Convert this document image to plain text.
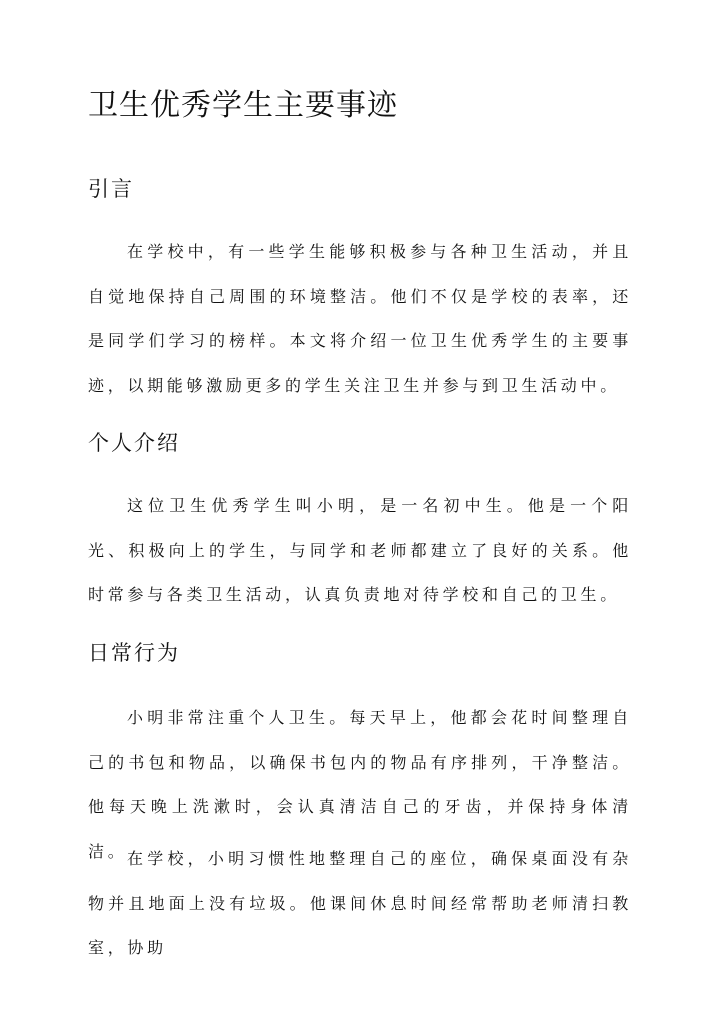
卫生优秀学生主要事迹
引言

在学校中，有一些学生能够积极参与各种卫生活动，并且自觉地保持自己周围的环境整洁。他们不仅是学校的表率，还是同学们学习的榜样。本文将介绍一位卫生优秀学生的主要事迹，以期能够激励更多的学生关注卫生并参与到卫生活动中。

个人介绍

这位卫生优秀学生叫小明，是一名初中生。他是一个阳光、积极向上的学生，与同学和老师都建立了良好的关系。他时常参与各类卫生活动，认真负责地对待学校和自己的卫生。

日常行为

小明非常注重个人卫生。每天早上，他都会花时间整理自己的书包和物品，以确保书包内的物品有序排列，干净整洁。他每天晚上洗漱时，会认真清洁自己的牙齿，并保持身体清洁。 在学校，小明习惯性地整理自己的座位，确保桌面没有杂物并且地面上没有垃圾。他课间休息时间经常帮助老师清扫教室，协助
